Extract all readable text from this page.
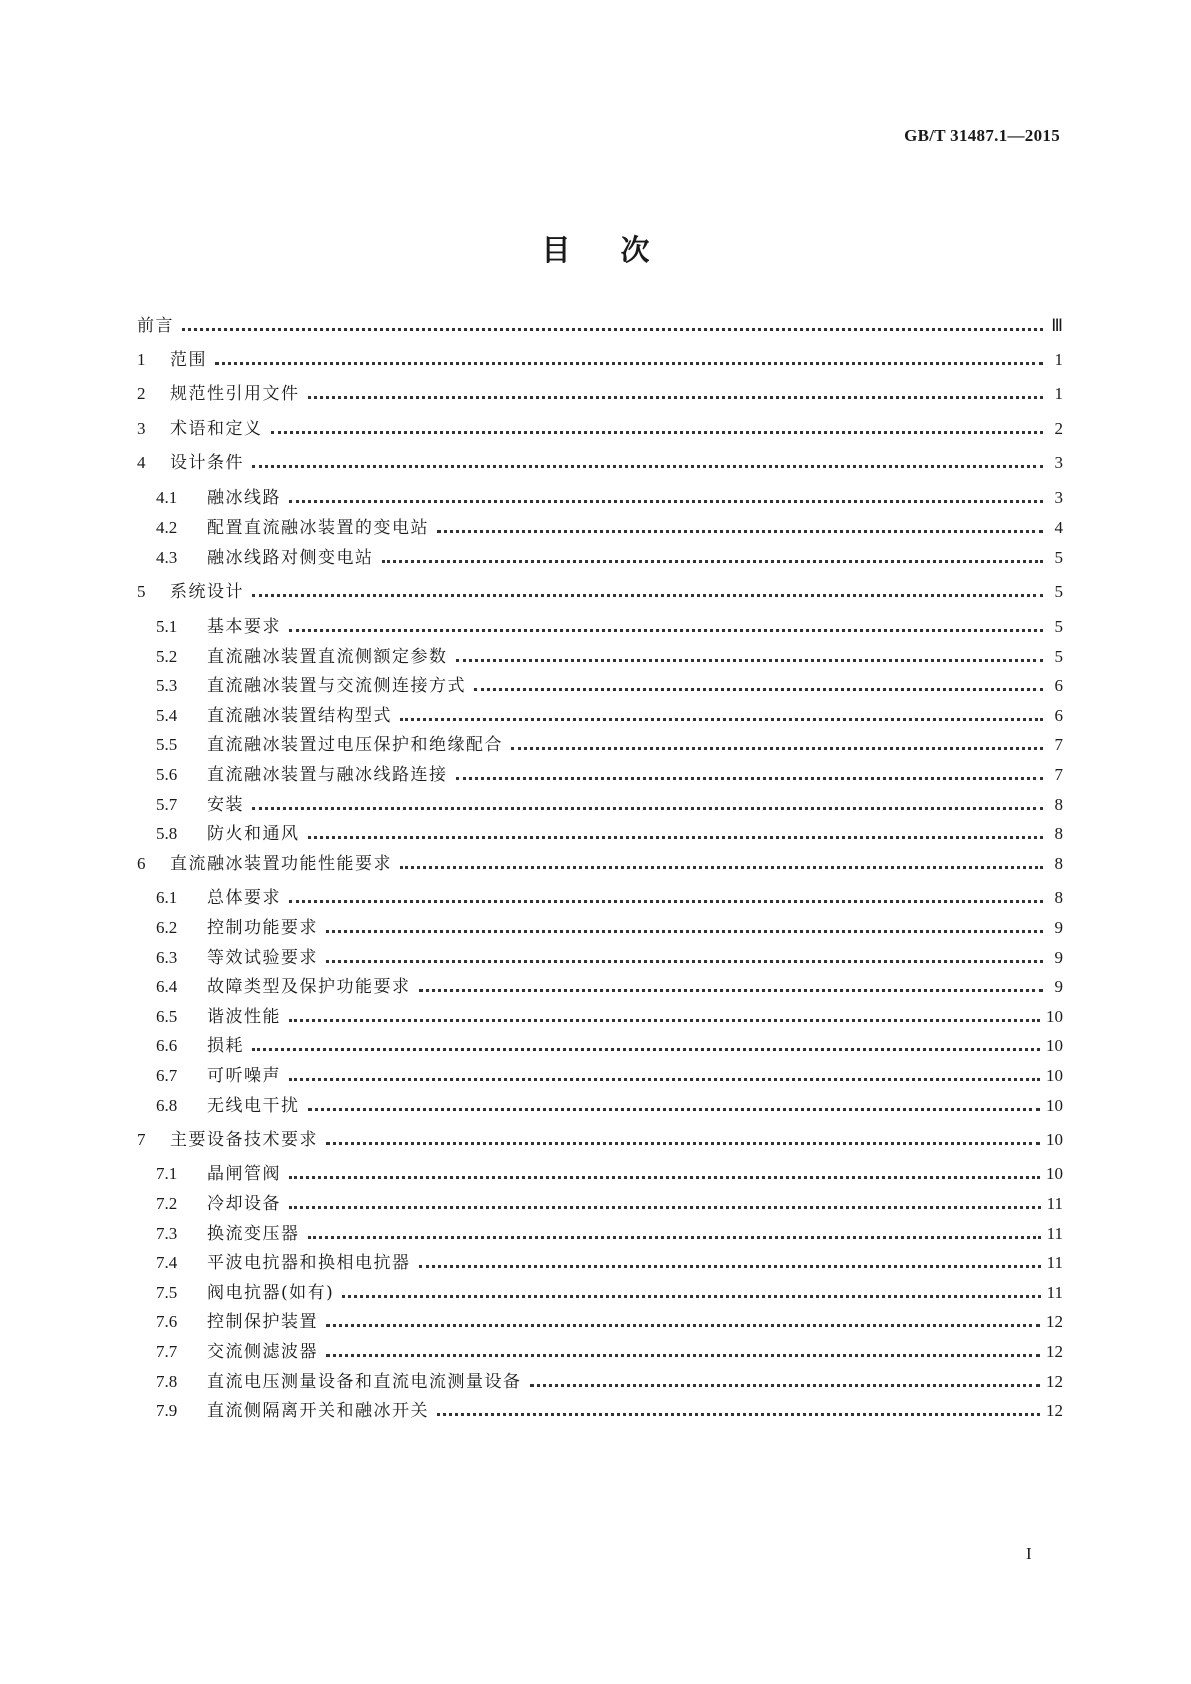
GB/T 31487.1—2015
目 次
前言	Ⅲ
1	范围	1
2	规范性引用文件	1
3	术语和定义	2
4	设计条件	3
4.1	融冰线路	3
4.2	配置直流融冰装置的变电站	4
4.3	融冰线路对侧变电站	5
5	系统设计	5
5.1	基本要求	5
5.2	直流融冰装置直流侧额定参数	5
5.3	直流融冰装置与交流侧连接方式	6
5.4	直流融冰装置结构型式	6
5.5	直流融冰装置过电压保护和绝缘配合	7
5.6	直流融冰装置与融冰线路连接	7
5.7	安装	8
5.8	防火和通风	8
6	直流融冰装置功能性能要求	8
6.1	总体要求	8
6.2	控制功能要求	9
6.3	等效试验要求	9
6.4	故障类型及保护功能要求	9
6.5	谐波性能	10
6.6	损耗	10
6.7	可听噪声	10
6.8	无线电干扰	10
7	主要设备技术要求	10
7.1	晶闸管阀	10
7.2	冷却设备	11
7.3	换流变压器	11
7.4	平波电抗器和换相电抗器	11
7.5	阀电抗器(如有)	11
7.6	控制保护装置	12
7.7	交流侧滤波器	12
7.8	直流电压测量设备和直流电流测量设备	12
7.9	直流侧隔离开关和融冰开关	12
I
